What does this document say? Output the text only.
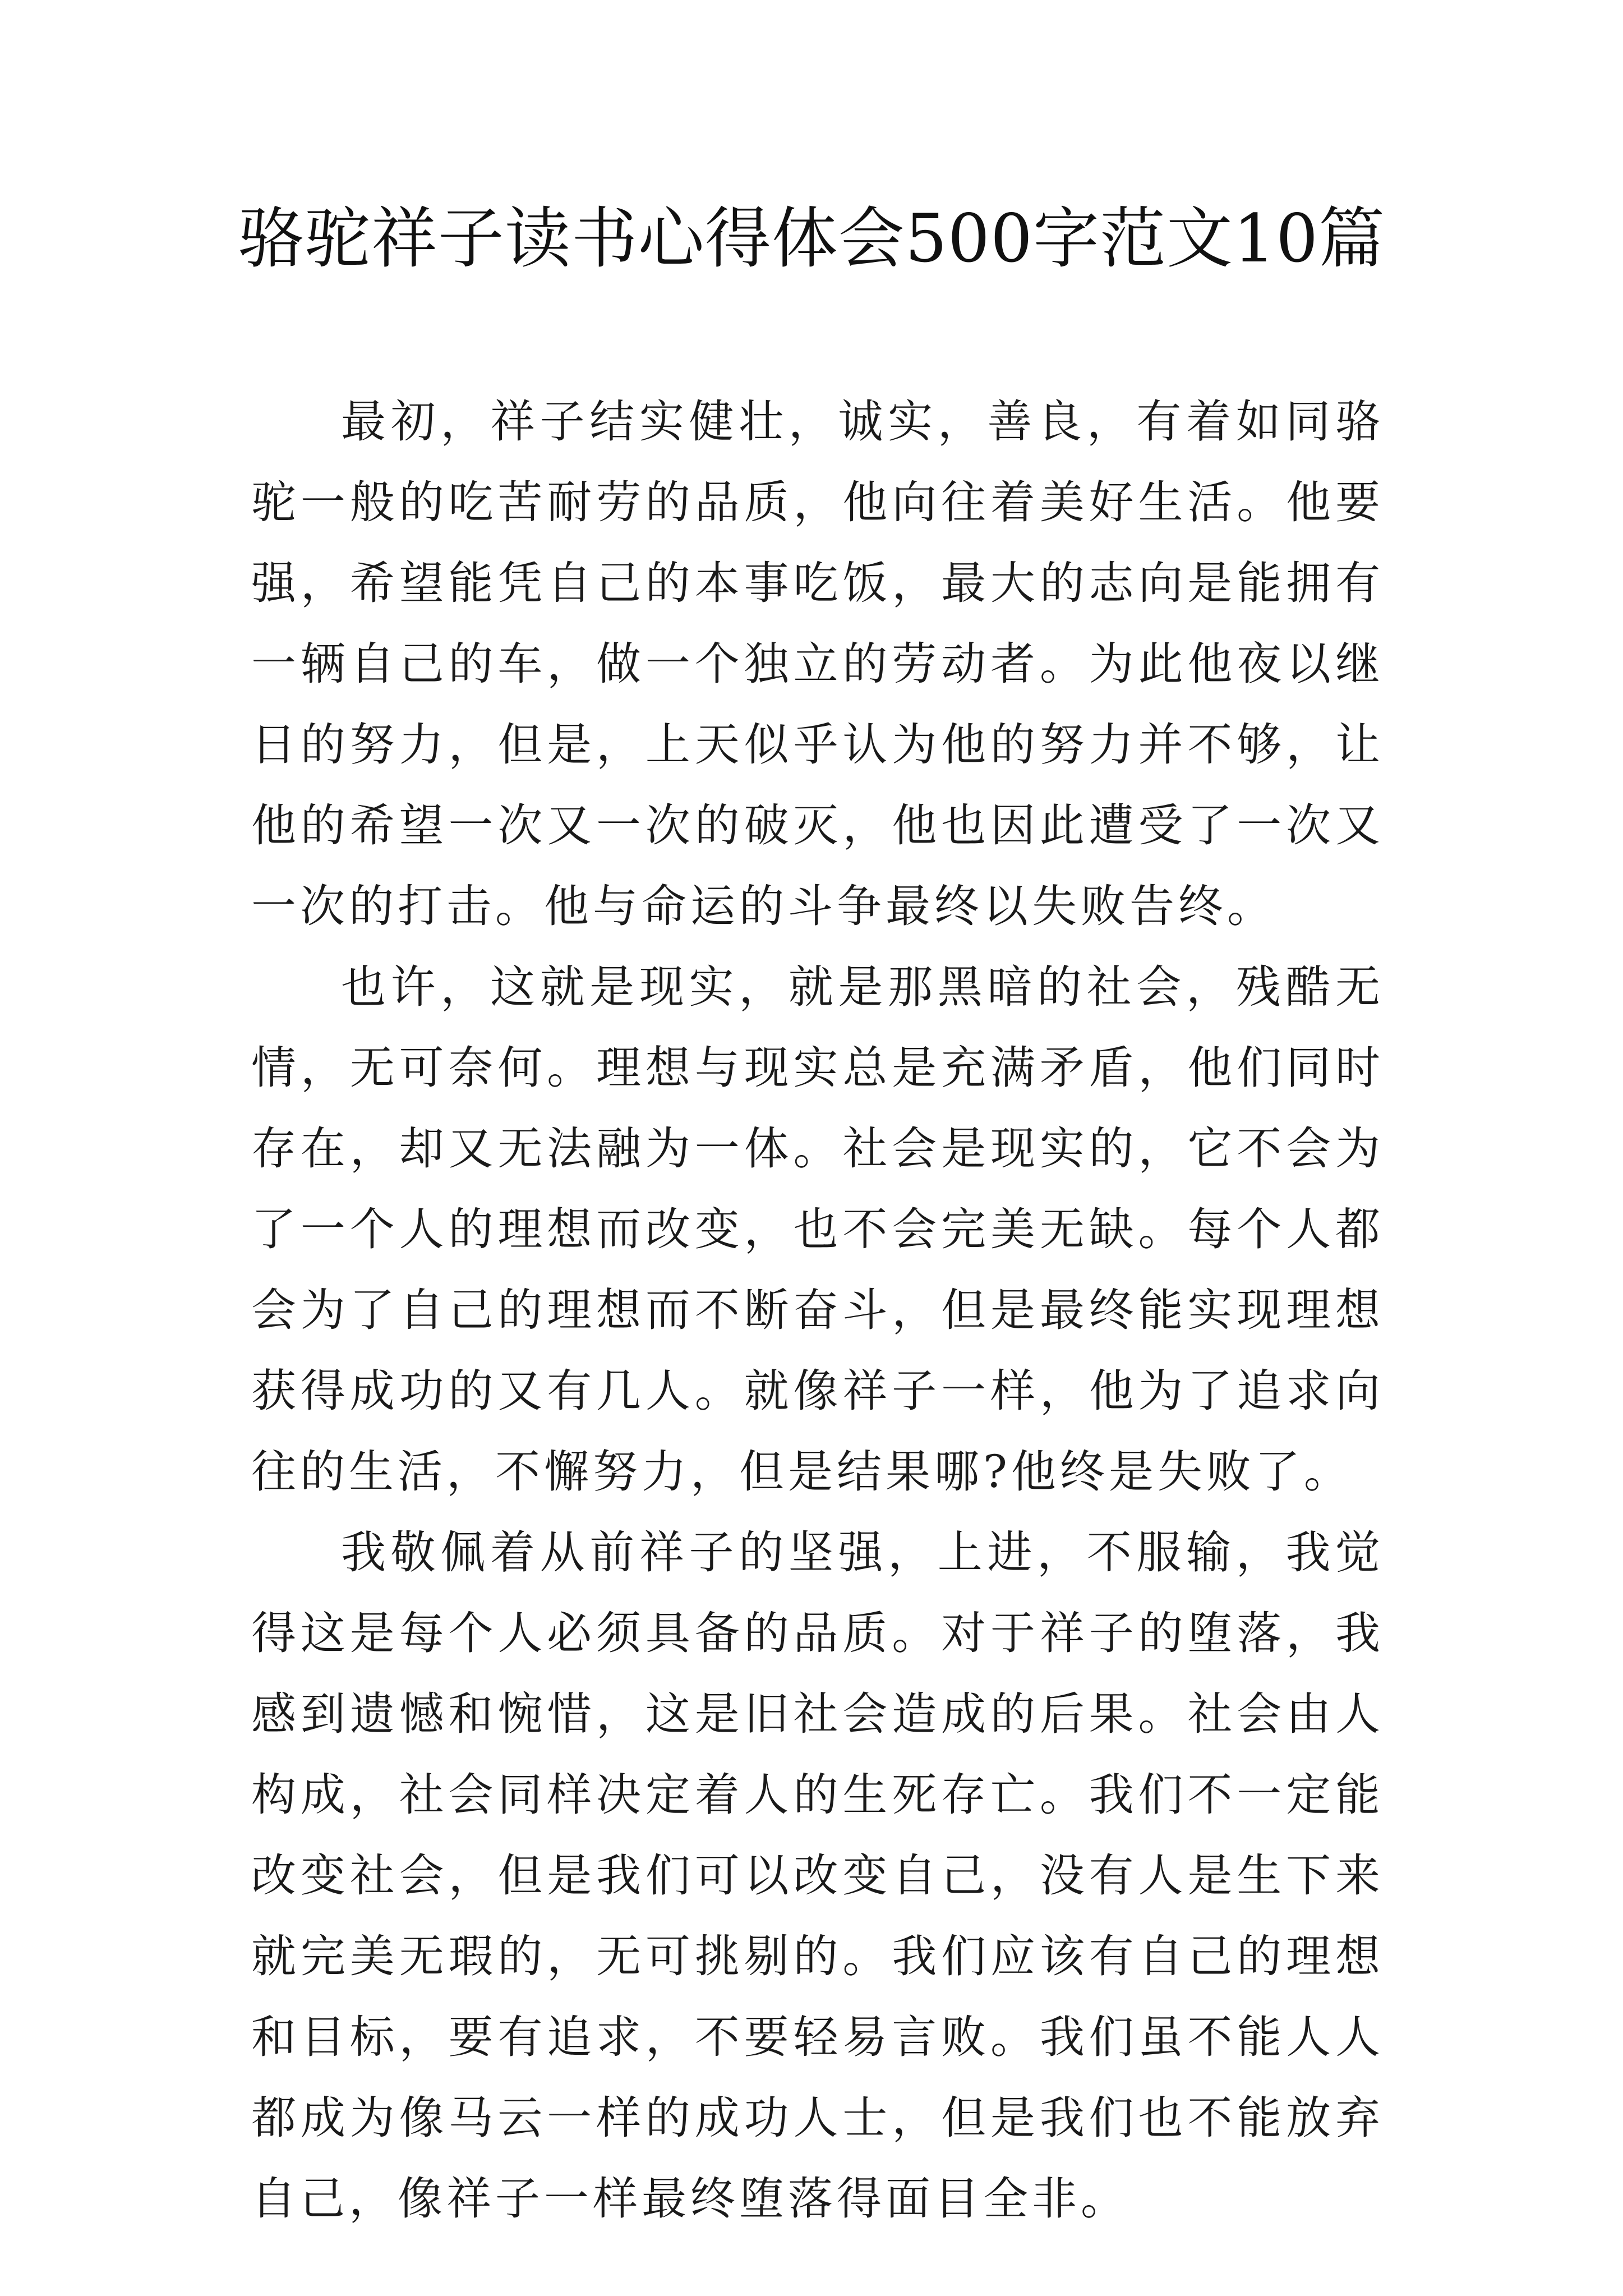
骆驼祥子读书心得体会500字范文10篇

最初，祥子结实健壮，诚实，善良，有着如同骆驼一般的吃苦耐劳的品质，他向往着美好生活。他要强，希望能凭自己的本事吃饭，最大的志向是能拥有一辆自己的车，做一个独立的劳动者。为此他夜以继日的努力，但是，上天似乎认为他的努力并不够，让他的希望一次又一次的破灭，他也因此遭受了一次又一次的打击。他与命运的斗争最终以失败告终。

也许，这就是现实，就是那黑暗的社会，残酷无情，无可奈何。理想与现实总是充满矛盾，他们同时存在，却又无法融为一体。社会是现实的，它不会为了一个人的理想而改变，也不会完美无缺。每个人都会为了自己的理想而不断奋斗，但是最终能实现理想获得成功的又有几人。就像祥子一样，他为了追求向往的生活，不懈努力，但是结果哪?他终是失败了。

我敬佩着从前祥子的坚强，上进，不服输，我觉得这是每个人必须具备的品质。对于祥子的堕落，我感到遗憾和惋惜，这是旧社会造成的后果。社会由人构成，社会同样决定着人的生死存亡。我们不一定能改变社会，但是我们可以改变自己，没有人是生下来就完美无瑕的，无可挑剔的。我们应该有自己的理想和目标，要有追求，不要轻易言败。我们虽不能人人都成为像马云一样的成功人士，但是我们也不能放弃自己，像祥子一样最终堕落得面目全非。
